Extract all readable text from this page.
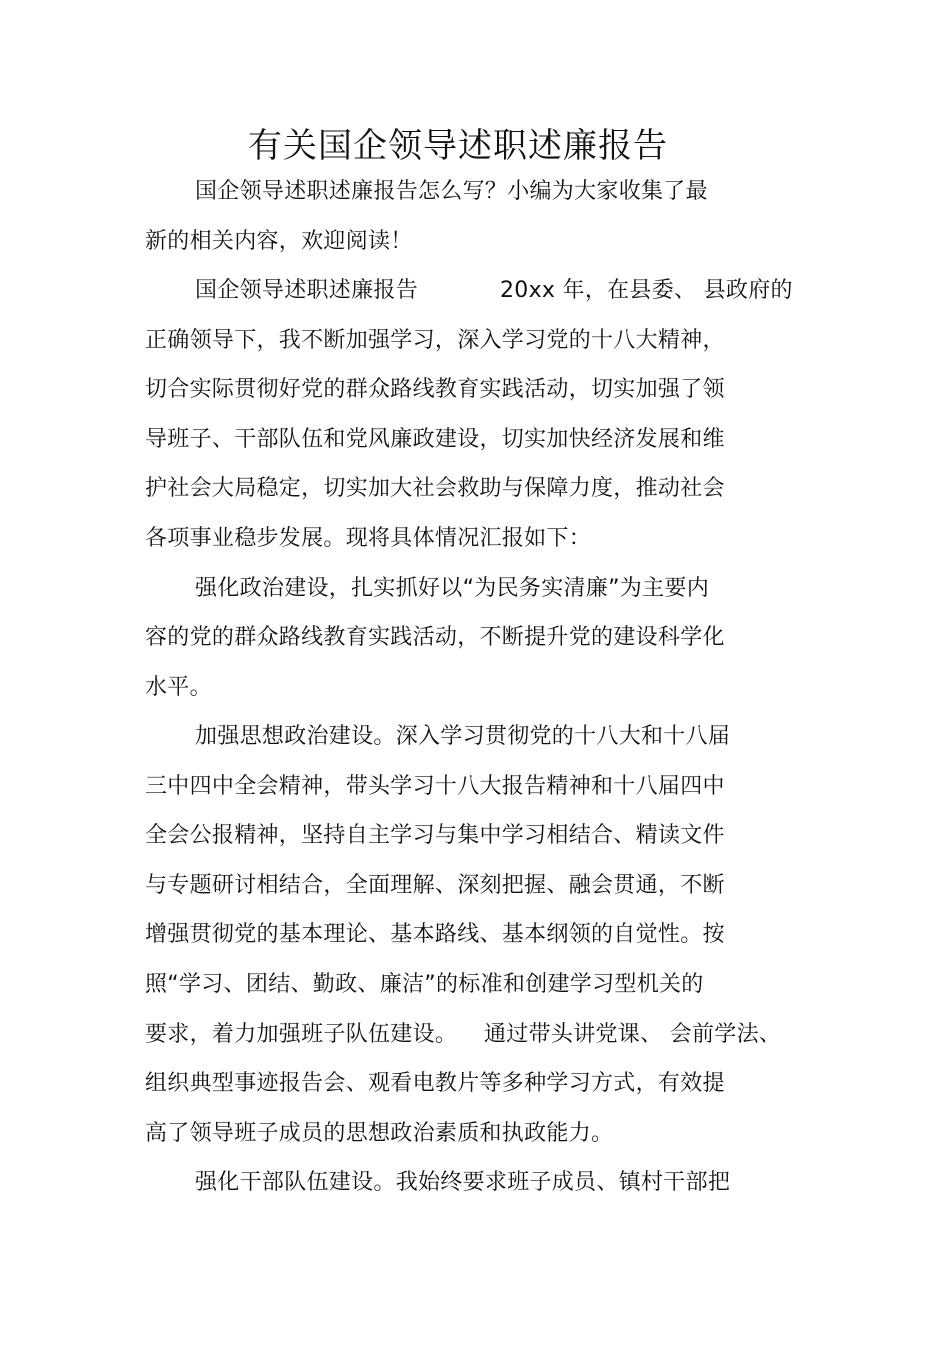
有关国企领导述职述廉报告
国企领导述职述廉报告怎么写？小编为大家收集了最
新的相关内容，欢迎阅读！
国企领导述职述廉报告	20xx 年，在县委、 县政府的
正确领导下，我不断加强学习，深入学习党的十八大精神，
切合实际贯彻好党的群众路线教育实践活动，切实加强了领
导班子、干部队伍和党风廉政建设，切实加快经济发展和维
护社会大局稳定，切实加大社会救助与保障力度，推动社会
各项事业稳步发展。现将具体情况汇报如下：
强化政治建设，扎实抓好以“为民务实清廉”为主要内
容的党的群众路线教育实践活动，不断提升党的建设科学化
水平。
加强思想政治建设。深入学习贯彻党的十八大和十八届
三中四中全会精神，带头学习十八大报告精神和十八届四中
全会公报精神，坚持自主学习与集中学习相结合、精读文件
与专题研讨相结合，全面理解、深刻把握、融会贯通，不断
增强贯彻党的基本理论、基本路线、基本纲领的自觉性。按
照“学习、团结、勤政、廉洁”的标准和创建学习型机关的
要求，着力加强班子队伍建设。 通过带头讲党课、 会前学法、
组织典型事迹报告会、观看电教片等多种学习方式，有效提
高了领导班子成员的思想政治素质和执政能力。
强化干部队伍建设。我始终要求班子成员、镇村干部把
